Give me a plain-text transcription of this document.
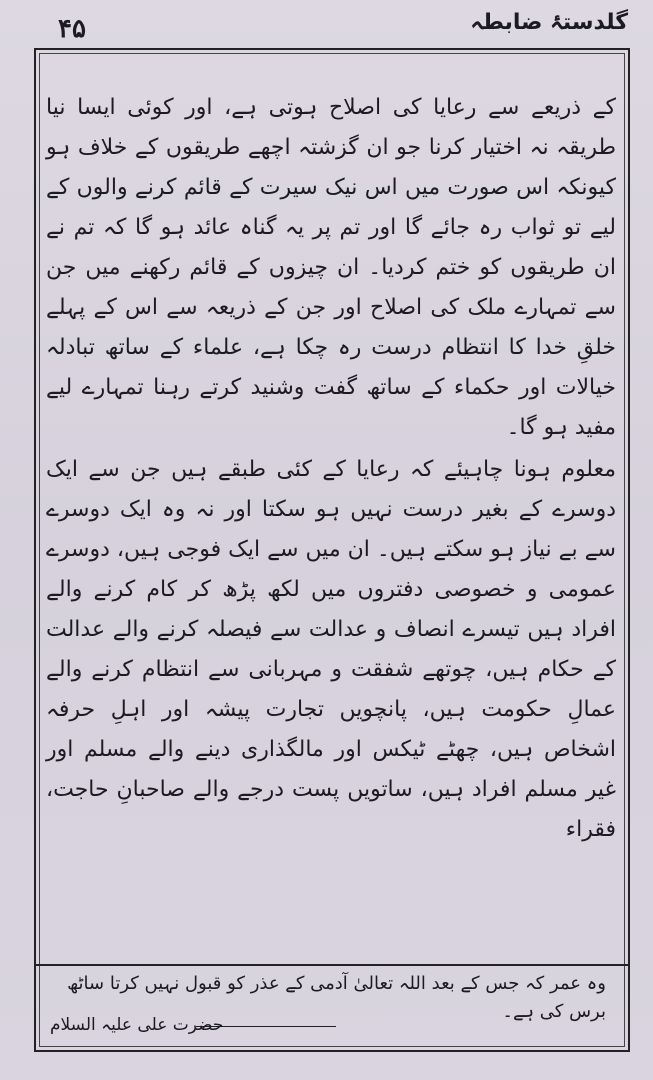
۴۵	گلدستۂ ضابطہ

کے ذریعے سے رعایا کی اصلاح ہوتی ہے، اور کوئی ایسا نیا طریقہ نہ اختیار کرنا جو ان گزشتہ اچھے طریقوں کے خلاف ہو کیونکہ اس صورت میں اس نیک سیرت کے قائم کرنے والوں کے لیے تو ثواب رہ جائے گا اور تم پر یہ گناہ عائد ہو گا کہ تم نے ان طریقوں کو ختم کردیا۔ ان چیزوں کے قائم رکھنے میں جن سے تمہارے ملک کی اصلاح اور جن کے ذریعہ سے اس کے پہلے خلقِ خدا کا انتظام درست رہ چکا ہے، علماء کے ساتھ تبادلہ خیالات اور حکماء کے ساتھ گفت وشنید کرتے رہنا تمہارے لیے مفید ہو گا۔

معلوم ہونا چاہیئے کہ رعایا کے کئی طبقے ہیں جن سے ایک دوسرے کے بغیر درست نہیں ہو سکتا اور نہ وہ ایک دوسرے سے بے نیاز ہو سکتے ہیں۔ ان میں سے ایک فوجی ہیں، دوسرے عمومی و خصوصی دفتروں میں لکھ پڑھ کر کام کرنے والے افراد ہیں تیسرے انصاف و عدالت سے فیصلہ کرنے والے عدالت کے حکام ہیں، چوتھے شفقت و مہربانی سے انتظام کرنے والے عمالِ حکومت ہیں، پانچویں تجارت پیشہ اور اہلِ حرفہ اشخاص ہیں، چھٹے ٹیکس اور مالگذاری دینے والے مسلم اور غیر مسلم افراد ہیں، ساتویں پست درجے والے صاحبانِ حاجت، فقراء

وہ عمر کہ جس کے بعد اللہ تعالیٰ آدمی کے عذر کو قبول نہیں کرتا ساٹھ برس کی ہے۔
حضرت علی علیہ السلام
